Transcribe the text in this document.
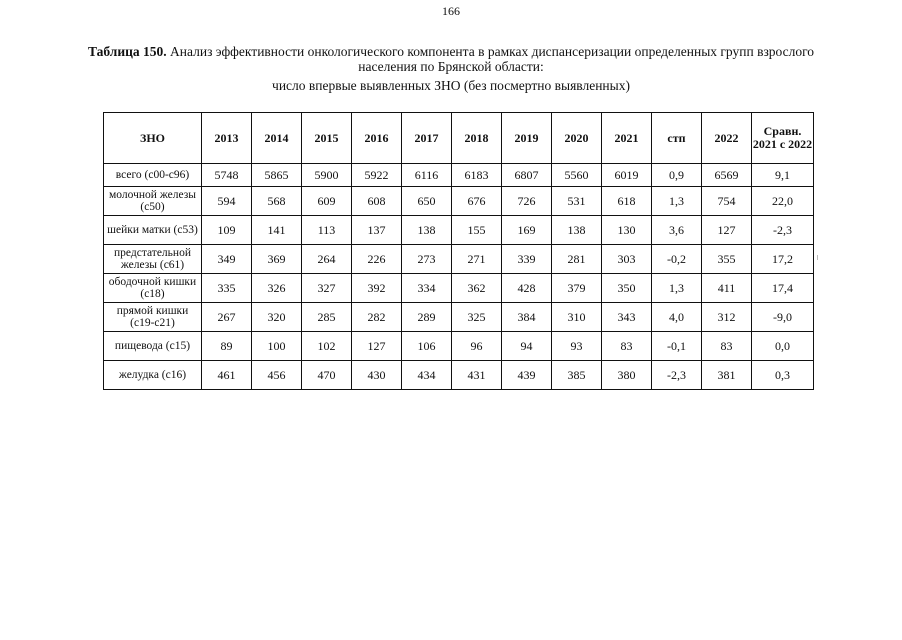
166
Таблица 150. Анализ эффективности онкологического компонента в рамках диспансеризации определенных групп взрослого
населения по Брянской области:
число впервые выявленных ЗНО (без посмертно выявленных)
ЗНО	2013	2014	2015	2016	2017	2018	2019	2020	2021	стп	2022	Сравн. 2021 с 2022
всего (с00-с96)	5748	5865	5900	5922	6116	6183	6807	5560	6019	0,9	6569	9,1
молочной железы (с50)	594	568	609	608	650	676	726	531	618	1,3	754	22,0
шейки матки (с53)	109	141	113	137	138	155	169	138	130	3,6	127	-2,3
предстательной железы (с61)	349	369	264	226	273	271	339	281	303	-0,2	355	17,2
ободочной кишки (с18)	335	326	327	392	334	362	428	379	350	1,3	411	17,4
прямой кишки (с19-с21)	267	320	285	282	289	325	384	310	343	4,0	312	-9,0
пищевода (с15)	89	100	102	127	106	96	94	93	83	-0,1	83	0,0
желудка (с16)	461	456	470	430	434	431	439	385	380	-2,3	381	0,3
